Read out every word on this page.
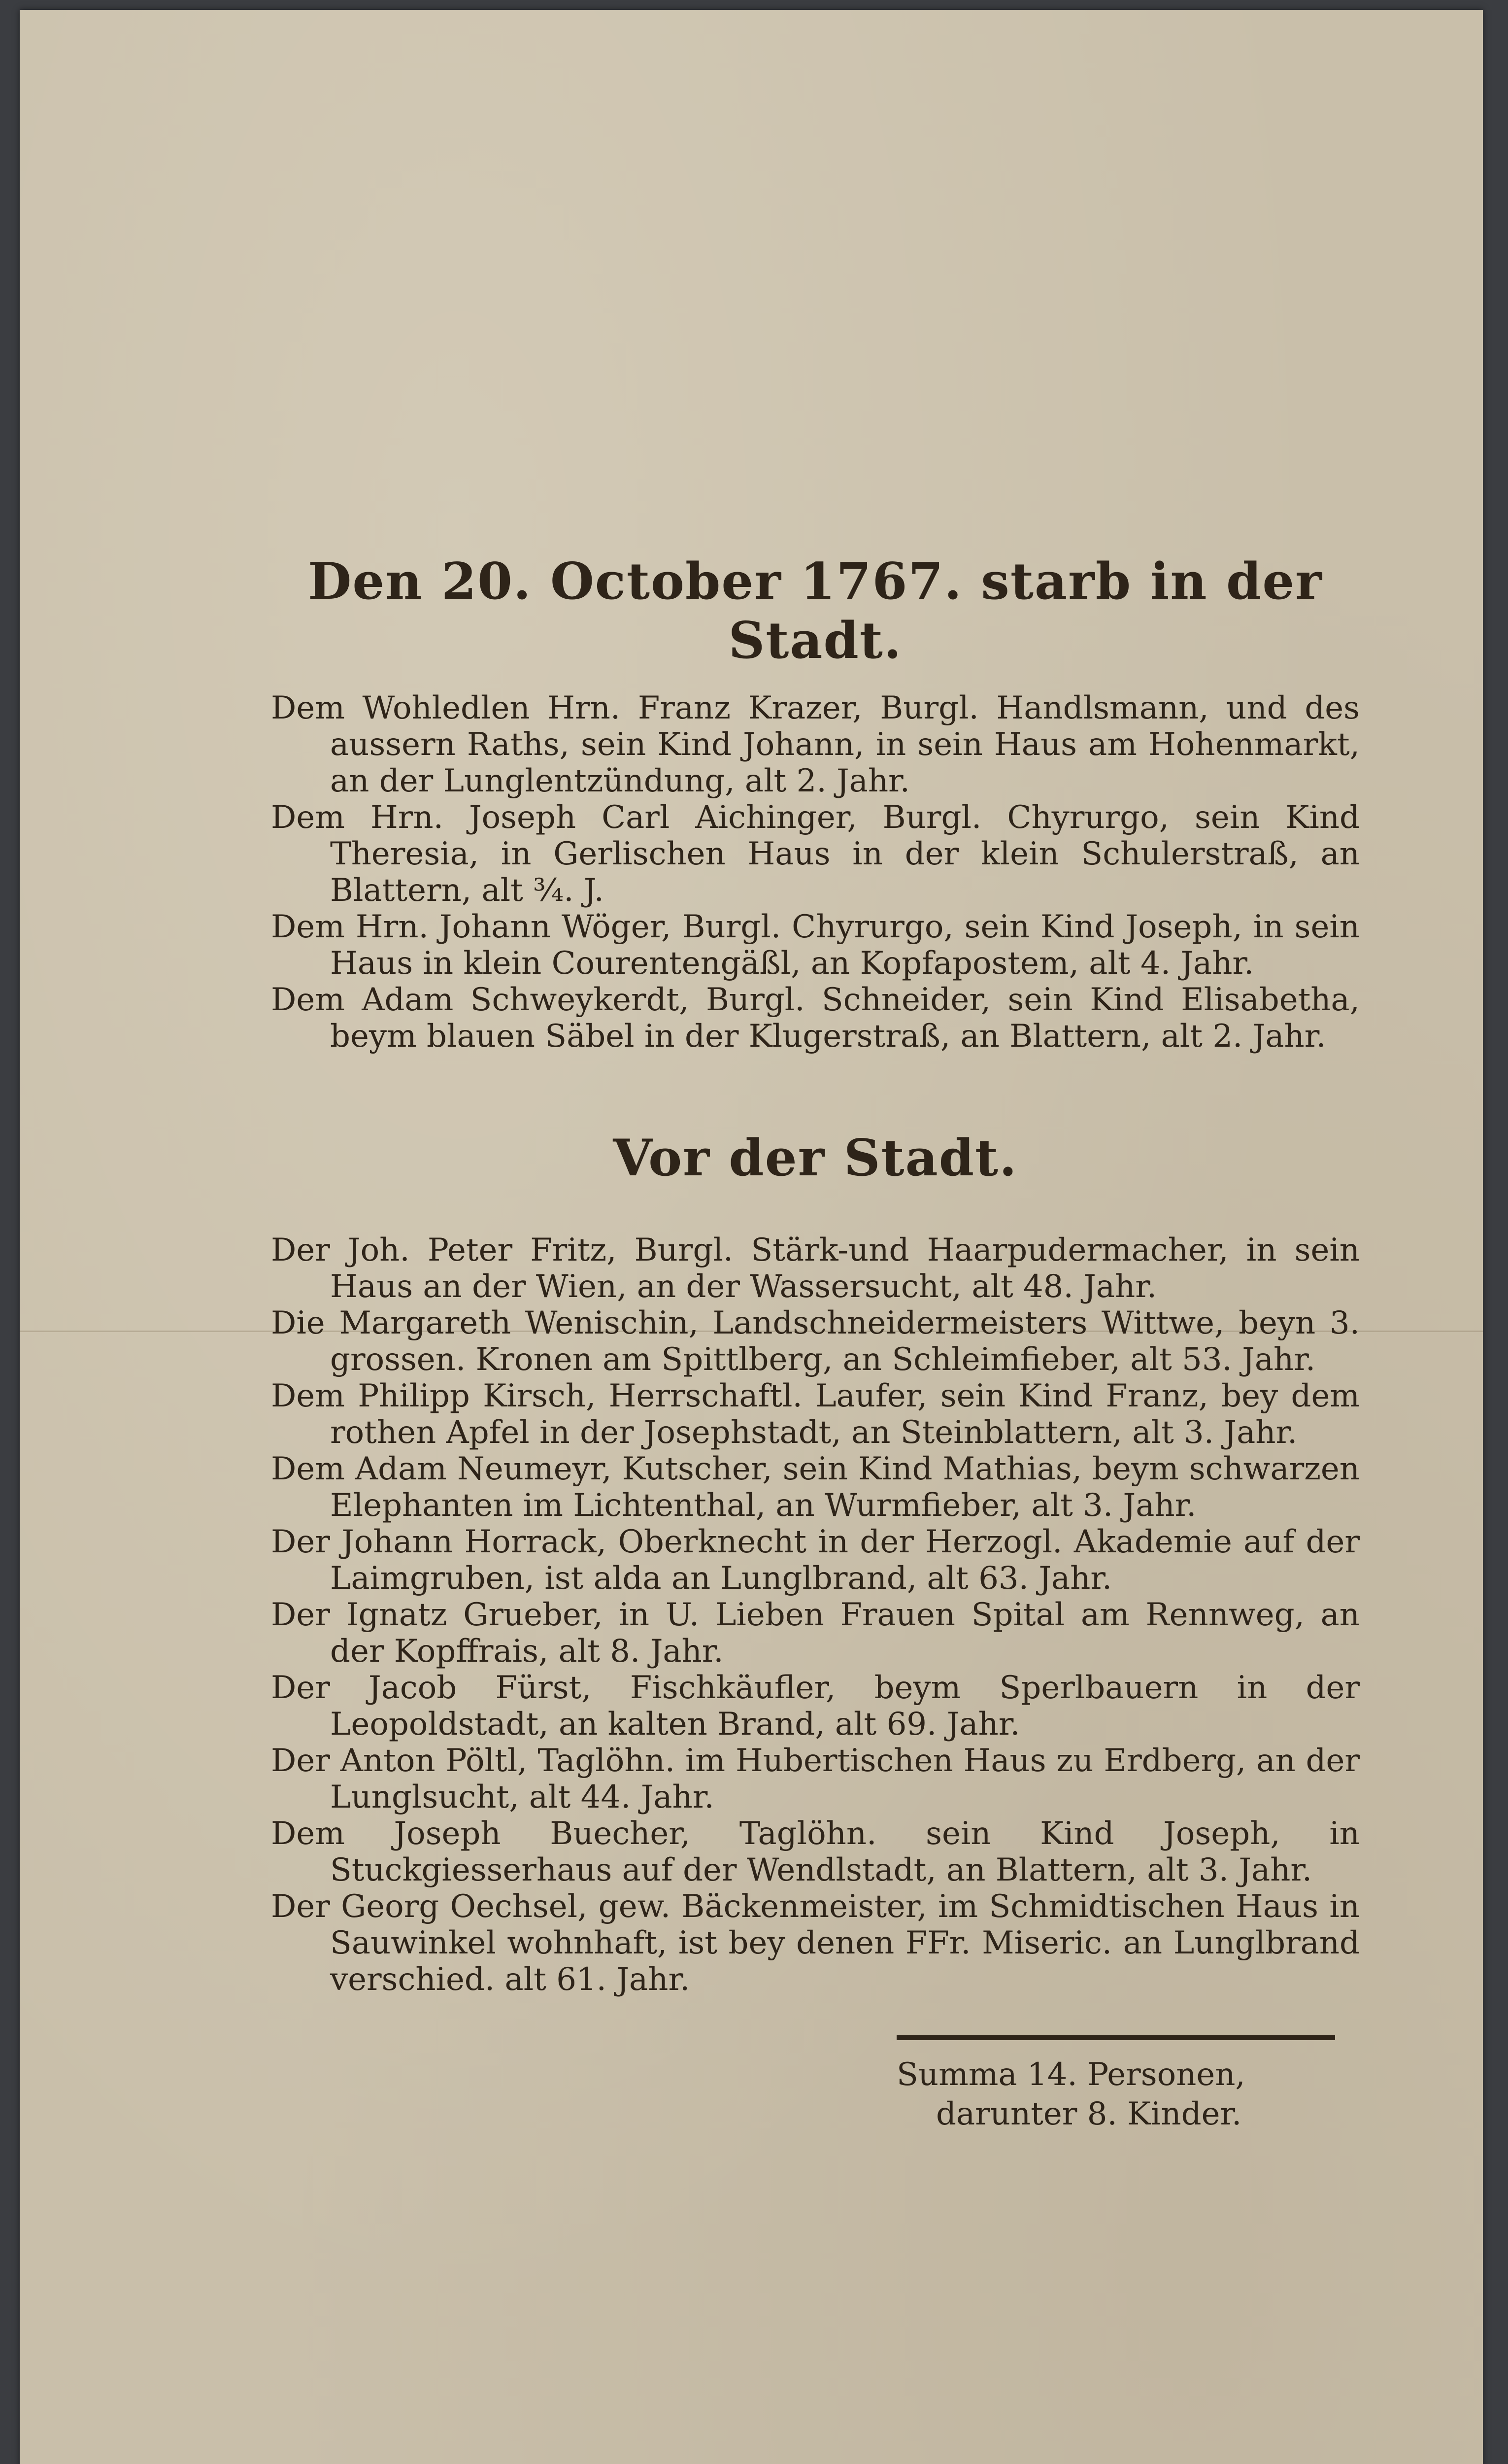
Den 20. October 1767. starb in der Stadt.

Dem Wohledlen Hrn. Franz Krazer, Burgl. Handlsmann, und des aussern Raths, sein Kind Johann, in sein Haus am Hohenmarkt, an der Lunglentzündung, alt 2. Jahr.

Dem Hrn. Joseph Carl Aichinger, Burgl. Chyrurgo, sein Kind Theresia, in Gerlischen Haus in der klein Schulerstraß, an Blattern, alt ¾. J.

Dem Hrn. Johann Wöger, Burgl. Chyrurgo, sein Kind Joseph, in sein Haus in klein Courentengäßl, an Kopfapostem, alt 4. Jahr.

Dem Adam Schweykerdt, Burgl. Schneider, sein Kind Elisabetha, beym blauen Säbel in der Klugerstraß, an Blattern, alt 2. Jahr.

Vor der Stadt.

Der Joh. Peter Fritz, Burgl. Stärk-und Haarpudermacher, in sein Haus an der Wien, an der Wassersucht, alt 48. Jahr.

Die Margareth Wenischin, Landschneidermeisters Wittwe, beyn 3. grossen. Kronen am Spittlberg, an Schleimfieber, alt 53. Jahr.

Dem Philipp Kirsch, Herrschaftl. Laufer, sein Kind Franz, bey dem rothen Apfel in der Josephstadt, an Steinblattern, alt 3. Jahr.

Dem Adam Neumeyr, Kutscher, sein Kind Mathias, beym schwarzen Elephanten im Lichtenthal, an Wurmfieber, alt 3. Jahr.

Der Johann Horrack, Oberknecht in der Herzogl. Akademie auf der Laimgruben, ist alda an Lunglbrand, alt 63. Jahr.

Der Ignatz Grueber, in U. Lieben Frauen Spital am Rennweg, an der Kopffrais, alt 8. Jahr.

Der Jacob Fürst, Fischkäufler, beym Sperlbauern in der Leopoldstadt, an kalten Brand, alt 69. Jahr.

Der Anton Pöltl, Taglöhn. im Hubertischen Haus zu Erdberg, an der Lunglsucht, alt 44. Jahr.

Dem Joseph Buecher, Taglöhn. sein Kind Joseph, in Stuckgiesserhaus auf der Wendlstadt, an Blattern, alt 3. Jahr.

Der Georg Oechsel, gew. Bäckenmeister, im Schmidtischen Haus in Sauwinkel wohnhaft, ist bey denen FFr. Miseric. an Lunglbrand verschied. alt 61. Jahr.

Summa 14. Personen,

darunter 8. Kinder.
